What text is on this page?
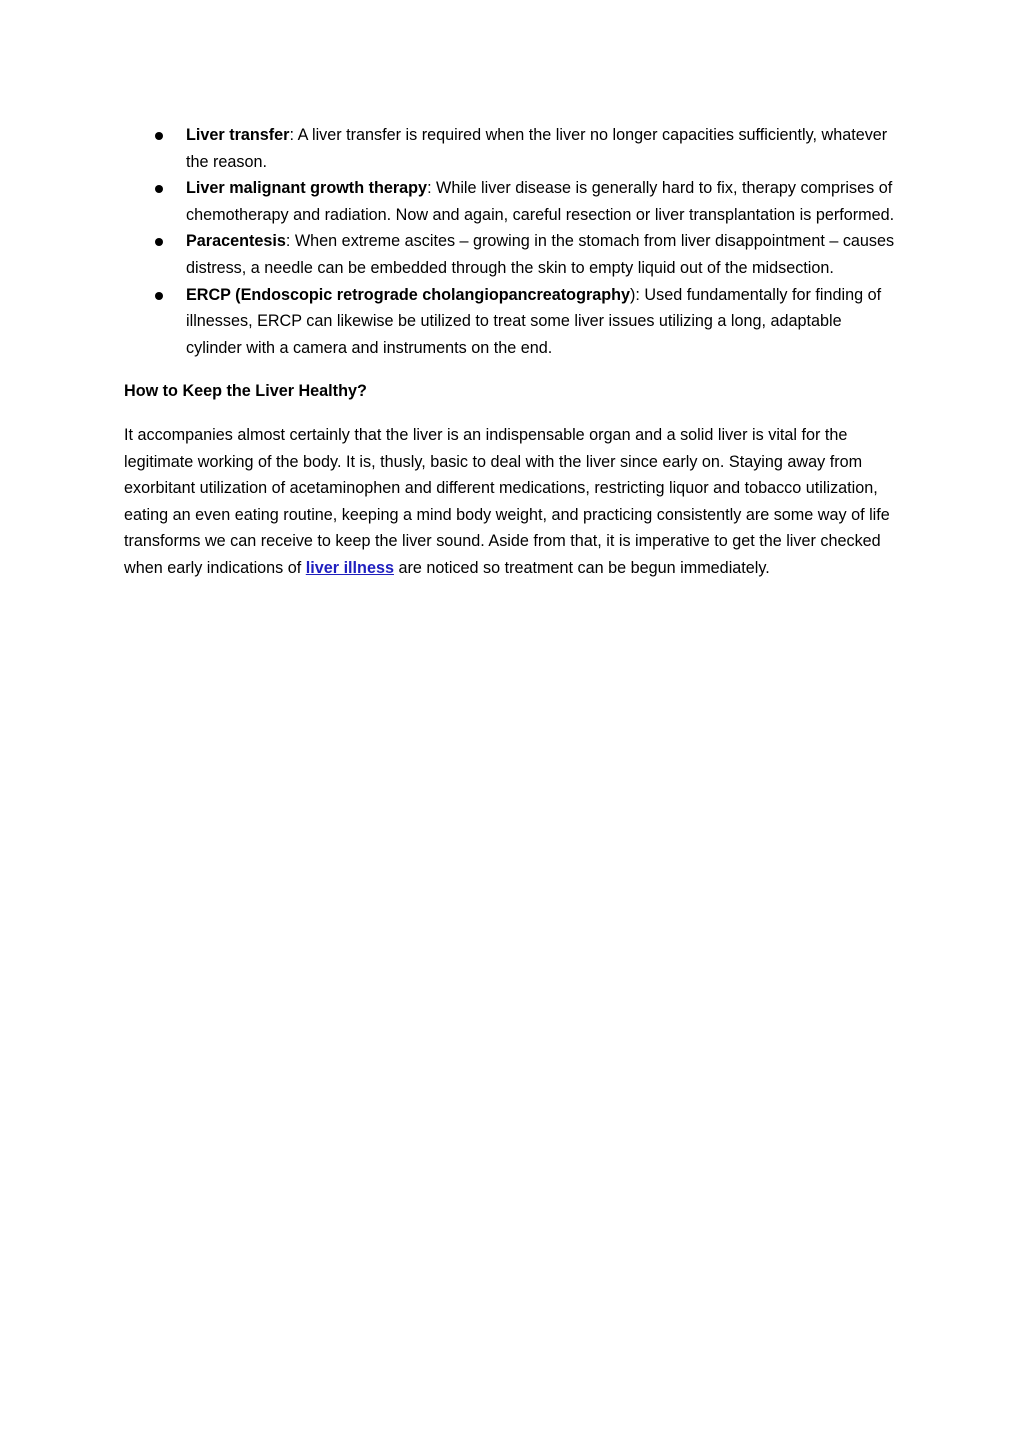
Liver transfer: A liver transfer is required when the liver no longer capacities sufficiently, whatever the reason.
Liver malignant growth therapy: While liver disease is generally hard to fix, therapy comprises of chemotherapy and radiation. Now and again, careful resection or liver transplantation is performed.
Paracentesis: When extreme ascites – growing in the stomach from liver disappointment – causes distress, a needle can be embedded through the skin to empty liquid out of the midsection.
ERCP (Endoscopic retrograde cholangiopancreatography): Used fundamentally for finding of illnesses, ERCP can likewise be utilized to treat some liver issues utilizing a long, adaptable cylinder with a camera and instruments on the end.
How to Keep the Liver Healthy?

It accompanies almost certainly that the liver is an indispensable organ and a solid liver is vital for the legitimate working of the body. It is, thusly, basic to deal with the liver since early on. Staying away from exorbitant utilization of acetaminophen and different medications, restricting liquor and tobacco utilization, eating an even eating routine, keeping a mind body weight, and practicing consistently are some way of life transforms we can receive to keep the liver sound. Aside from that, it is imperative to get the liver checked when early indications of liver illness are noticed so treatment can be begun immediately.
